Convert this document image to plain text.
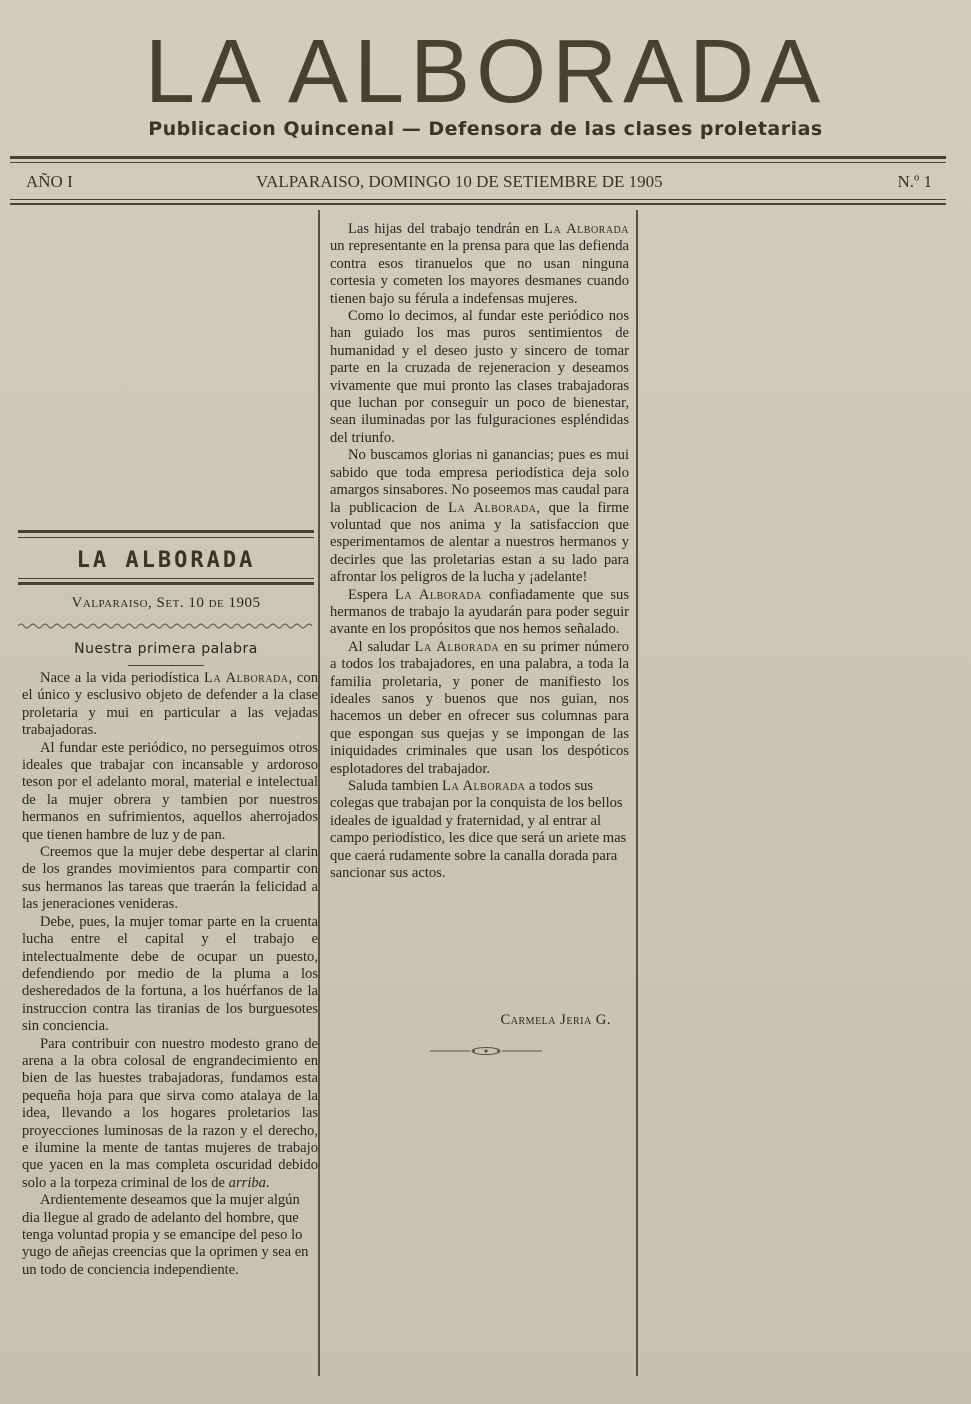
LA ALBORADA
Publicacion Quincenal — Defensora de las clases proletarias
AÑO I	VALPARAISO, DOMINGO 10 DE SETIEMBRE DE 1905	N.º 1
LA ALBORADA
Valparaiso, Set. 10 de 1905
Nuestra primera palabra

Nace a la vida periodística La Alborada, con el único y esclusivo objeto de defender a la clase proletaria y mui en particular a las vejadas trabajadoras.

Al fundar este periódico, no perseguimos otros ideales que trabajar con incansable y ardoroso teson por el adelanto moral, material e intelectual de la mujer obrera y tambien por nuestros hermanos en sufrimientos, aquellos aherrojados que tienen hambre de luz y de pan.

Creemos que la mujer debe despertar al clarin de los grandes movimientos para compartir con sus hermanos las tareas que traerán la felicidad a las jeneraciones venideras.

Debe, pues, la mujer tomar parte en la cruenta lucha entre el capital y el trabajo e intelectualmente debe de ocupar un puesto, defendiendo por medio de la pluma a los desheredados de la fortuna, a los huérfanos de la instruccion contra las tiranias de los burguesotes sin conciencia.

Para contribuir con nuestro modesto grano de arena a la obra colosal de engrandecimiento en bien de las huestes trabajadoras, fundamos esta pequeña hoja para que sirva como atalaya de la idea, llevando a los hogares proletarios las proyecciones luminosas de la razon y el derecho, e ilumine la mente de tantas mujeres de trabajo que yacen en la mas completa oscuridad debido solo a la torpeza criminal de los de arriba.

Ardientemente deseamos que la mujer algún dia llegue al grado de adelanto del hombre, que tenga voluntad propia y se emancipe del peso lo yugo de añejas creencias que la oprimen y sea en un todo de conciencia independiente.

Las hijas del trabajo tendrán en La Alborada un representante en la prensa para que las defienda contra esos tiranuelos que no usan ninguna cortesia y cometen los mayores desmanes cuando tienen bajo su férula a indefensas mujeres.

Como lo decimos, al fundar este periódico nos han guiado los mas puros sentimientos de humanidad y el deseo justo y sincero de tomar parte en la cruzada de rejeneracion y deseamos vivamente que mui pronto las clases trabajadoras que luchan por conseguir un poco de bienestar, sean iluminadas por las fulguraciones espléndidas del triunfo.

No buscamos glorias ni ganancias; pues es mui sabido que toda empresa periodística deja solo amargos sinsabores. No poseemos mas caudal para la publicacion de La Alborada, que la firme voluntad que nos anima y la satisfaccion que esperimentamos de alentar a nuestros hermanos y decirles que las proletarias estan a su lado para afrontar los peligros de la lucha y ¡adelante!

Espera La Alborada confiadamente que sus hermanos de trabajo la ayudarán para poder seguir avante en los propósitos que nos hemos señalado.

Al saludar La Alborada en su primer número a todos los trabajadores, en una palabra, a toda la familia proletaria, y poner de manifiesto los ideales sanos y buenos que nos guian, nos hacemos un deber en ofrecer sus columnas para que espongan sus quejas y se impongan de las iniquidades criminales que usan los despóticos esplotadores del trabajador.

Saluda tambien La Alborada a todos sus colegas que trabajan por la conquista de los bellos ideales de igualdad y fraternidad, y al entrar al campo periodístico, les dice que será un ariete mas que caerá rudamente sobre la canalla dorada para sancionar sus actos.

Carmela Jeria G.
